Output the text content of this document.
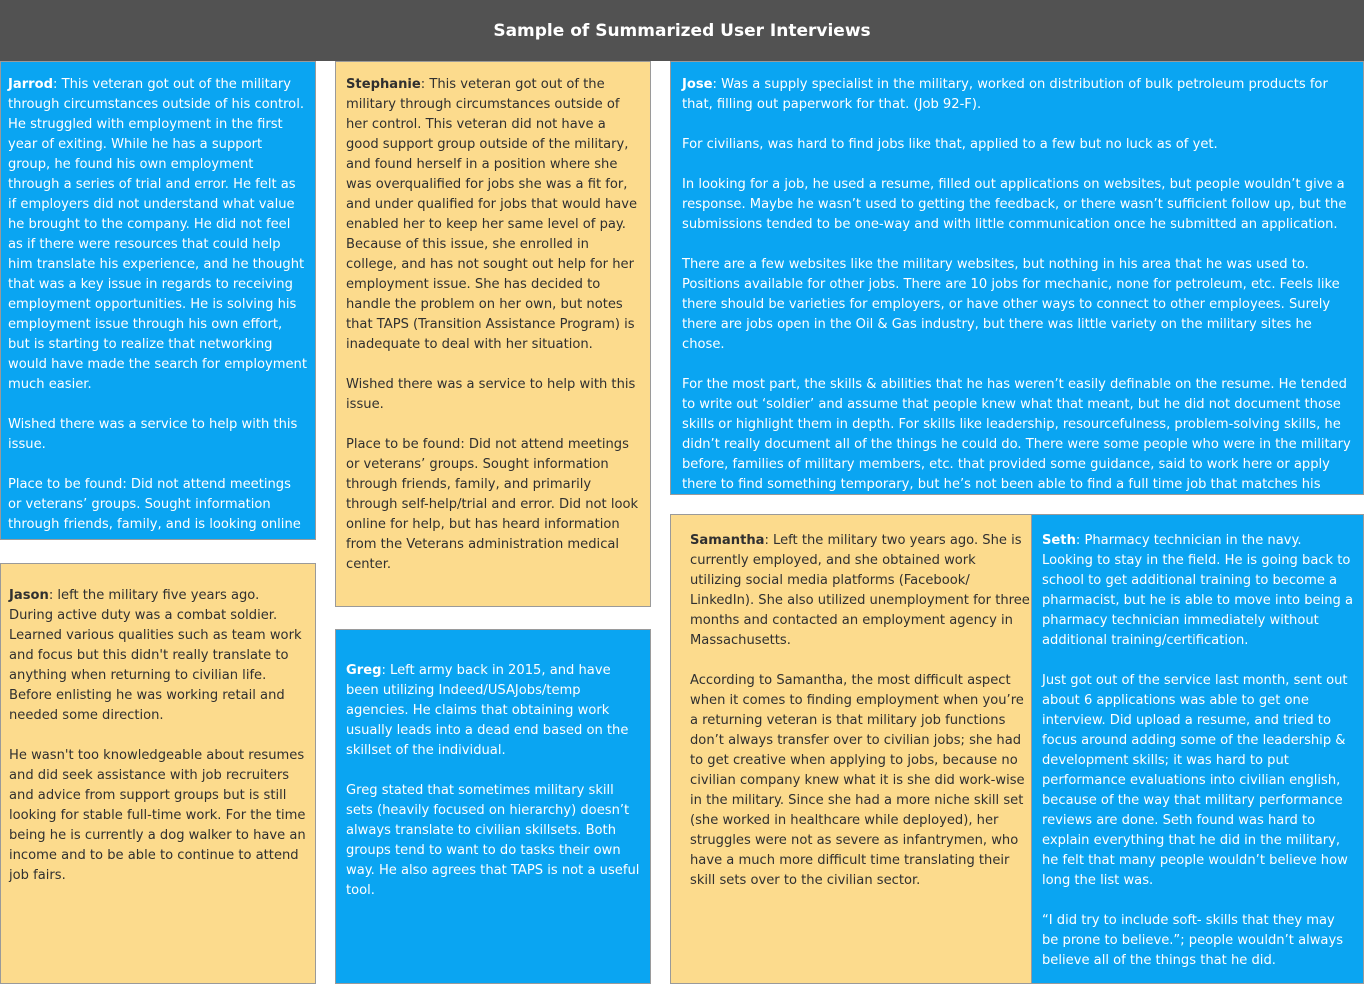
Sample of Summarized User Interviews

Jarrod: This veteran got out of the military through circumstances outside of his control. He struggled with employment in the first year of exiting. While he has a support group, he found his own employment through a series of trial and error. He felt as if employers did not understand what value he brought to the company. He did not feel as if there were resources that could help him translate his experience, and he thought that was a key issue in regards to receiving employment opportunities. He is solving his employment issue through his own effort, but is starting to realize that networking would have made the search for employment much easier.

Wished there was a service to help with this issue.

Place to be found: Did not attend meetings or veterans’ groups. Sought information through friends, family, and is looking online more

Stephanie: This veteran got out of the military through circumstances outside of her control. This veteran did not have a good support group outside of the military, and found herself in a position where she was overqualified for jobs she was a fit for, and under qualified for jobs that would have enabled her to keep her same level of pay. Because of this issue, she enrolled in college, and has not sought out help for her employment issue. She has decided to handle the problem on her own, but notes that TAPS (Transition Assistance Program) is inadequate to deal with her situation.

Wished there was a service to help with this issue.

Place to be found: Did not attend meetings or veterans’ groups. Sought information through friends, family, and primarily through self-help/trial and error. Did not look online for help, but has heard information from the Veterans administration medical center.

Jose: Was a supply specialist in the military, worked on distribution of bulk petroleum products for that, filling out paperwork for that. (Job 92-F).

For civilians, was hard to find jobs like that, applied to a few but no luck as of yet.

In looking for a job, he used a resume, filled out applications on websites, but people wouldn’t give a response. Maybe he wasn’t used to getting the feedback, or there wasn’t sufficient follow up, but the submissions tended to be one-way and with little communication once he submitted an application.

There are a few websites like the military websites, but nothing in his area that he was used to. Positions available for other jobs. There are 10 jobs for mechanic, none for petroleum, etc. Feels like there should be varieties for employers, or have other ways to connect to other employees. Surely there are jobs open in the Oil & Gas industry, but there was little variety on the military sites he chose.

For the most part, the skills & abilities that he has weren’t easily definable on the resume. He tended to write out ‘soldier’ and assume that people knew what that meant, but he did not document those skills or highlight them in depth. For skills like leadership, resourcefulness, problem-solving skills, he didn’t really document all of the things he could do. There were some people who were in the military before, families of military members, etc. that provided some guidance, said to work here or apply there to find something temporary, but he’s not been able to find a full time job that matches his skills.

Jason: left the military five years ago. During active duty was a combat soldier. Learned various qualities such as team work and focus but this didn't really translate to anything when returning to civilian life. Before enlisting he was working retail and needed some direction.

He wasn't too knowledgeable about resumes and did seek assistance with job recruiters and advice from support groups but is still looking for stable full-time work. For the time being he is currently a dog walker to have an income and to be able to continue to attend job fairs.

Greg: Left army back in 2015, and have been utilizing Indeed/USAJobs/temp agencies. He claims that obtaining work usually leads into a dead end based on the skillset of the individual.

Greg stated that sometimes military skill sets (heavily focused on hierarchy) doesn’t always translate to civilian skillsets. Both groups tend to want to do tasks their own way. He also agrees that TAPS is not a useful tool.

Samantha: Left the military two years ago. She is currently employed, and she obtained work utilizing social media platforms (Facebook/ LinkedIn). She also utilized unemployment for three months and contacted an employment agency in Massachusetts.

According to Samantha, the most difficult aspect when it comes to finding employment when you’re a returning veteran is that military job functions don’t always transfer over to civilian jobs; she had to get creative when applying to jobs, because no civilian company knew what it is she did work-wise in the military. Since she had a more niche skill set (she worked in healthcare while deployed), her struggles were not as severe as infantrymen, who have a much more difficult time translating their skill sets over to the civilian sector.

Seth: Pharmacy technician in the navy. Looking to stay in the field. He is going back to school to get additional training to become a pharmacist, but he is able to move into being a pharmacy technician immediately without additional training/certification.

Just got out of the service last month, sent out about 6 applications was able to get one interview. Did upload a resume, and tried to focus around adding some of the leadership & development skills; it was hard to put performance evaluations into civilian english, because of the way that military performance reviews are done. Seth found was hard to explain everything that he did in the military, he felt that many people wouldn’t believe how long the list was.

“I did try to include soft- skills that they may be prone to believe.”; people wouldn’t always believe all of the things that he did.
